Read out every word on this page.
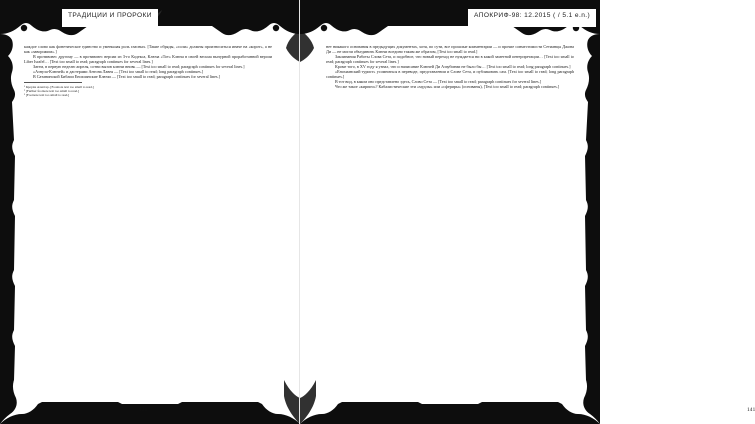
ТРАДИЦИИ И ПРОРОКИ

каждое слово как фонетическое единство и уменьшая роль гласных. [Такие обряды, «соли» должны произноситься иначе на «корот», а не как «заворожим».]

В противовес другому — в противовес версии из 3-го Кодекса, Ключа «Тот» Ключа в своей весьма вычурной проработанной версии Liber Israfel… [Text too small to read; paragraph continues for several lines.]

Затем, в первую неделю апреля, сотни вызов ключи вновь — [Text too small to read; paragraph continues for several lines.]

«Азнула-Ключей» и дастерами Антона Лавея — [Text too small to read; long paragraph continues.]

В Сатанинской Библии Енохианские Ключи — [Text too small to read; paragraph continues for several lines.]

¹ Кроули Алистер. [Footnote text too small to read.]

² [Further footnote text too small to read.]

³ [Footnote text too small to read.]

140
АПОКРИФ-98: 12.2015 ( / 5.1 e.n.)

нет никакого основания в предыдущих документах, хотя, по сути, все прошлые комментарии — и прочие совместимости Сетианцы Джона Ди — не могли объединить Ключи воедино таким же образом, [Text too small to read.]

Заклинания Работы Слова Сета, и подобное, что новый переход не нуждается ни в какой заметной интерпретации… [Text too small to read; paragraph continues for several lines.]

Кроме того, в XV году я узнал, что и написание Ключей Ди Азаубиеми не было бы… [Text too small to read; long paragraph continues.]

«Енохианский турист» усомниться в переводе, представлении и Слове Сета, и публиковать сам. [Text too small to read; long paragraph continues.]

В тот вид, в каком оно представлено здесь, Слово Сета — [Text too small to read; paragraph continues for several lines.]

Что же такое «кирпич»? Кабалистические эти «мудлы» или «сфериры» (основаны), [Text too small to read; paragraph continues.]

141
